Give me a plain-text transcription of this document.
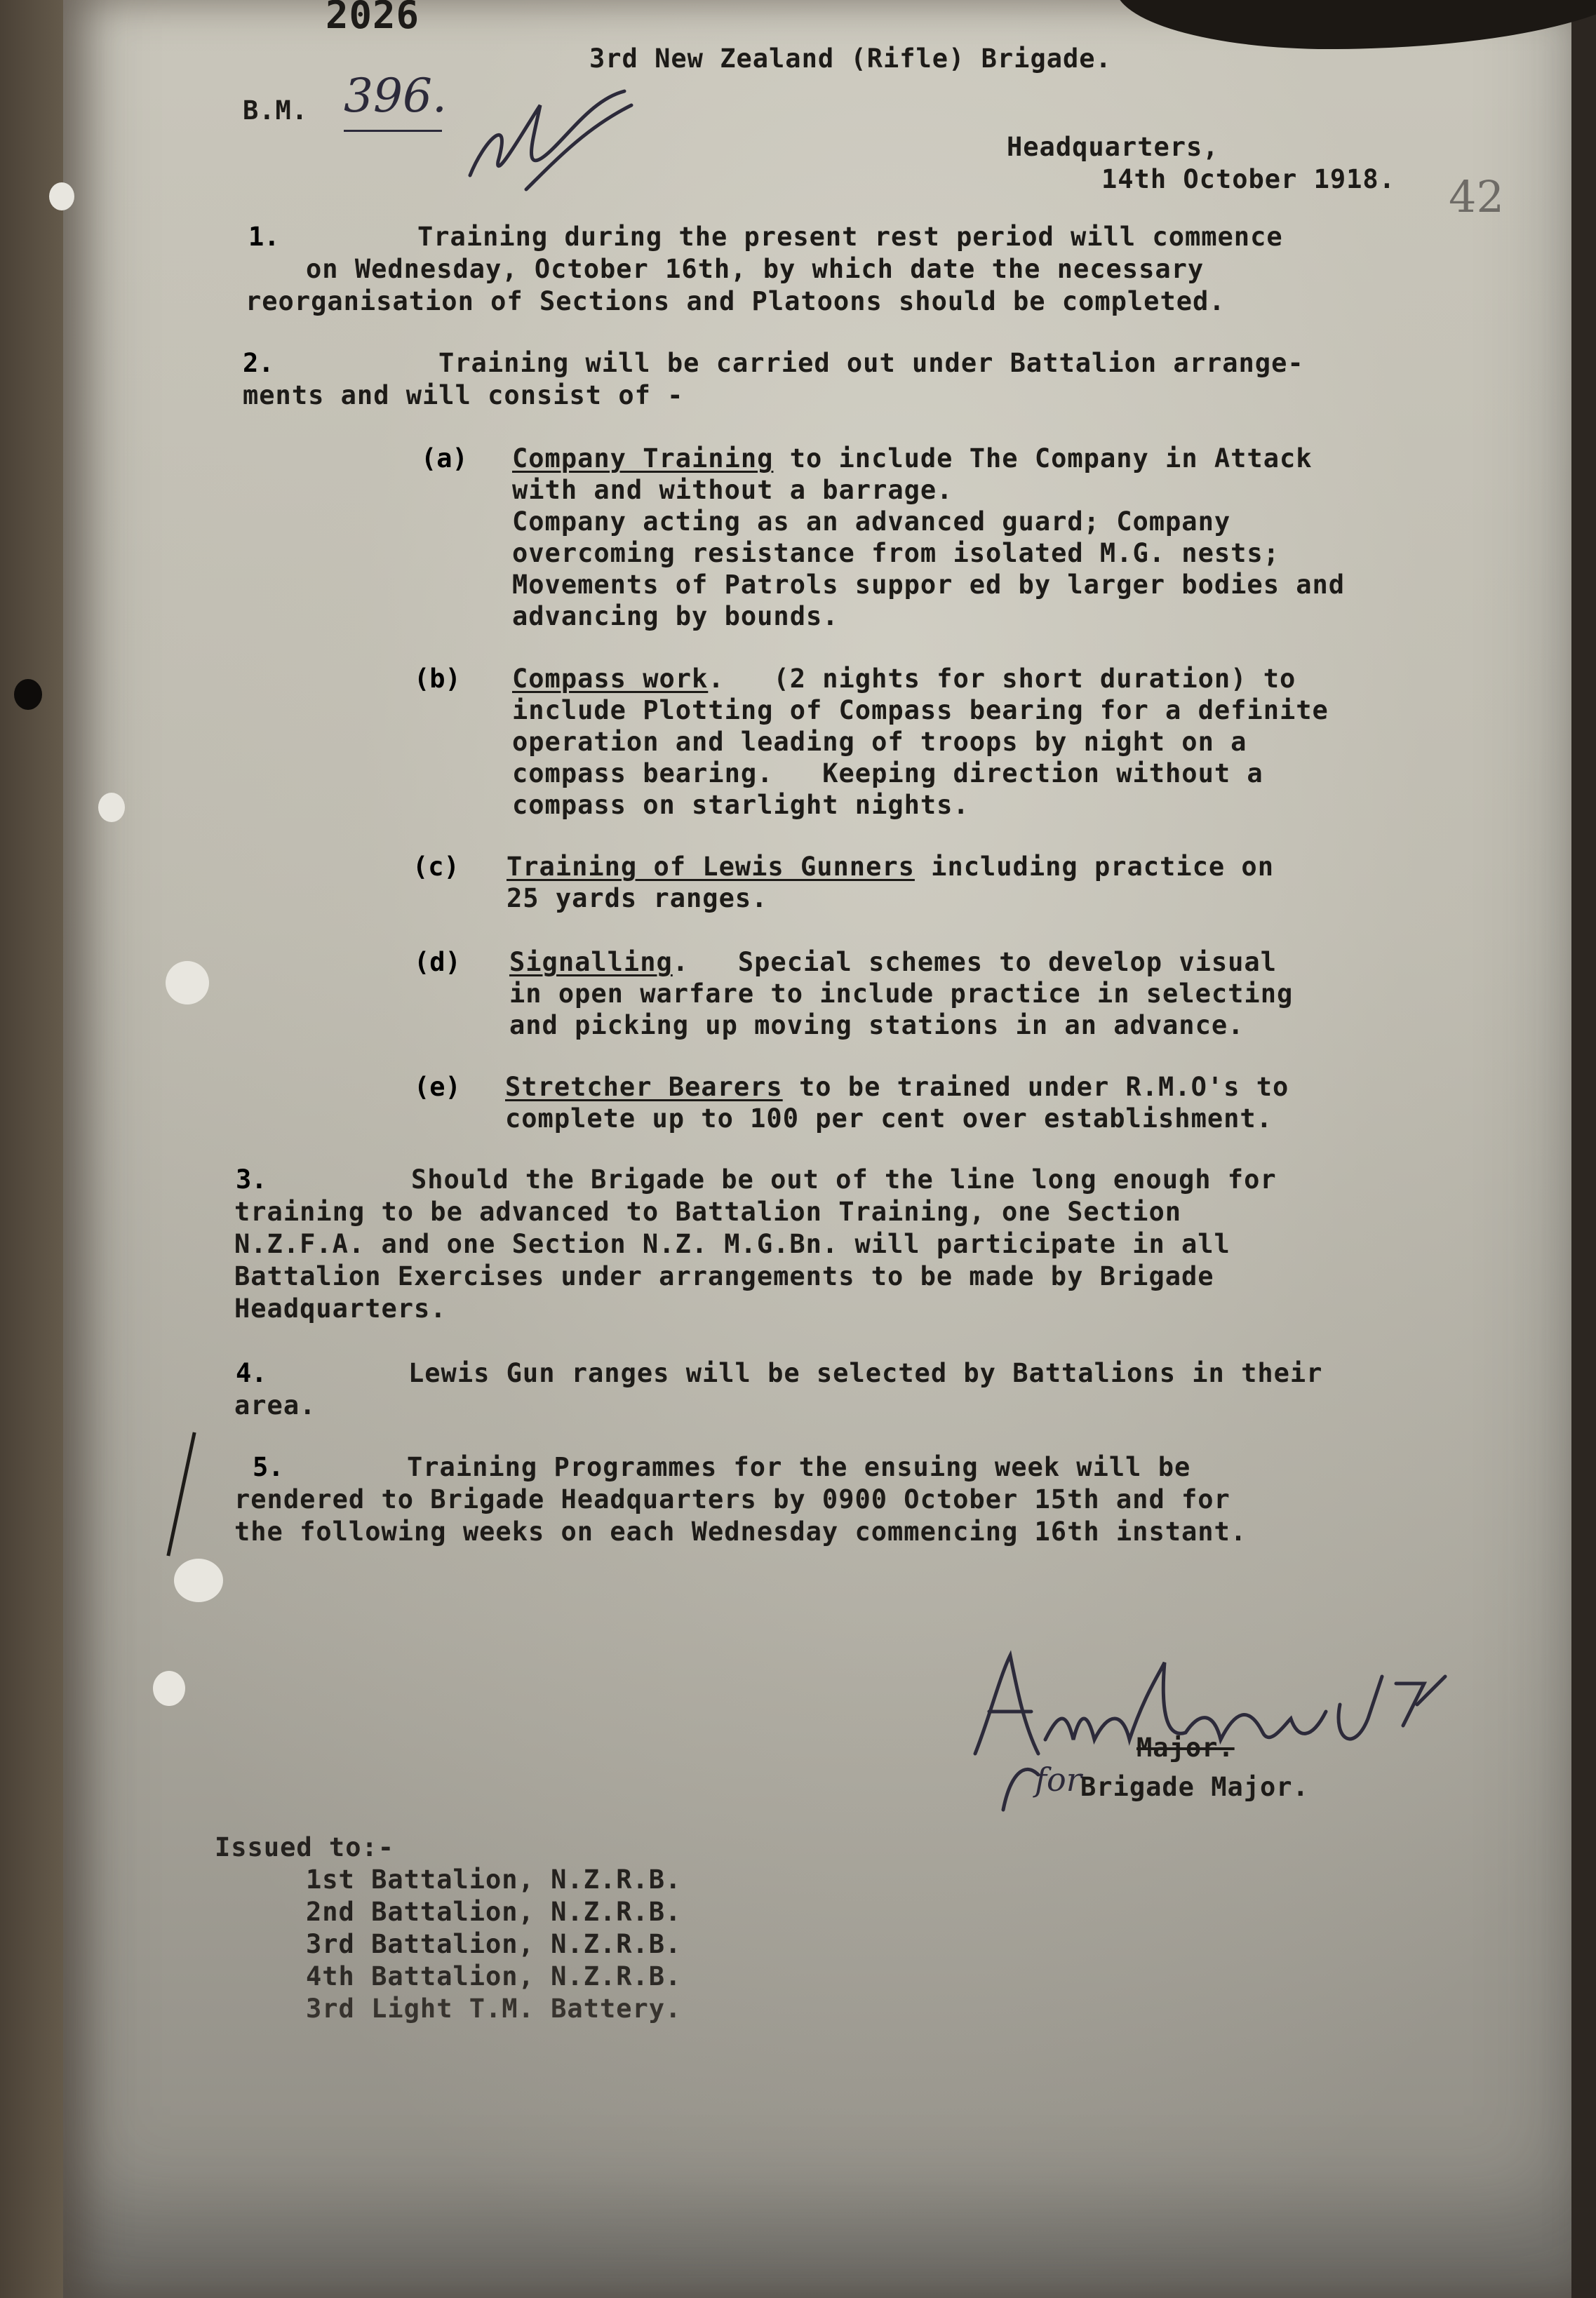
2026
3rd New Zealand (Rifle) Brigade.
B.M. 396.
Headquarters,
14th October 1918. 42
1.	Training during the present rest period will commence
on Wednesday, October 16th, by which date the necessary
reorganisation of Sections and Platoons should be completed.
2.	Training will be carried out under Battalion arrange-
ments and will consist of -
(a) Company Training to include The Company in Attack
with and without a barrage.
Company acting as an advanced guard; Company
overcoming resistance from isolated M.G. nests;
Movements of Patrols suppor ed by larger bodies and
advancing by bounds.
(b) Compass work.   (2 nights for short duration) to
include Plotting of Compass bearing for a definite
operation and leading of troops by night on a
compass bearing.   Keeping direction without a
compass on starlight nights.
(c) Training of Lewis Gunners including practice on
25 yards ranges.
(d) Signalling.   Special schemes to develop visual
in open warfare to include practice in selecting
and picking up moving stations in an advance.
(e) Stretcher Bearers to be trained under R.M.O's to
complete up to 100 per cent over establishment.
3.	Should the Brigade be out of the line long enough for
training to be advanced to Battalion Training, one Section
N.Z.F.A. and one Section N.Z. M.G.Bn. will participate in all
Battalion Exercises under arrangements to be made by Brigade
Headquarters.
4.	Lewis Gun ranges will be selected by Battalions in their
area.
5.	Training Programmes for the ensuing week will be
rendered to Brigade Headquarters by 0900 October 15th and for
the following weeks on each Wednesday commencing 16th instant.
Major.
for
Brigade Major.
Issued to:-
1st Battalion, N.Z.R.B.
2nd Battalion, N.Z.R.B.
3rd Battalion, N.Z.R.B.
4th Battalion, N.Z.R.B.
3rd Light T.M. Battery.
